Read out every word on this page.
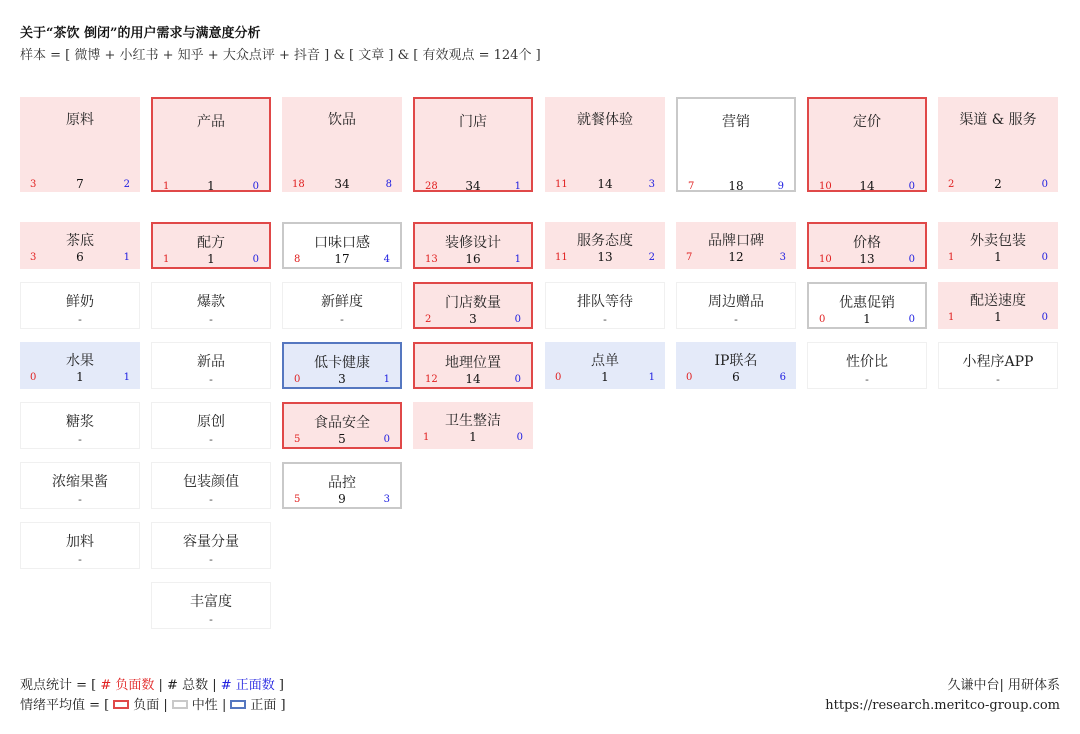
关于“茶饮 倒闭”的用户需求与满意度分析
样本 = [ 微博 + 小红书 + 知乎 + 大众点评 + 抖音 ] & [ 文章 ] & [ 有效观点 = 124个 ]
原料
3	7	2
茶底
3	6	1
鲜奶
-
水果
0	1	1
糖浆
-
浓缩果酱
-
加料
-
产品
1	1	0
配方
1	1	0
爆款
-
新品
-
原创
-
包装颜值
-
容量分量
-
丰富度
-
饮品
18	34	8
口味口感
8	17	4
新鲜度
-
低卡健康
0	3	1
食品安全
5	5	0
品控
5	9	3
门店
28	34	1
装修设计
13	16	1
门店数量
2	3	0
地理位置
12	14	0
卫生整洁
1	1	0
就餐体验
11	14	3
服务态度
11	13	2
排队等待
-
点单
0	1	1
营销
7	18	9
品牌口碑
7	12	3
周边赠品
-
IP联名
0	6	6
定价
10	14	0
价格
10	13	0
优惠促销
0	1	0
性价比
-
渠道 & 服务
2	2	0
外卖包装
1	1	0
配送速度
1	1	0
小程序APP
-
观点统计 = [ # 负面数 | # 总数 | # 正面数 ]
情绪平均值 = [ 负面 | 中性 | 正面 ]
久谦中台| 用研体系
https://research.meritco-group.com
